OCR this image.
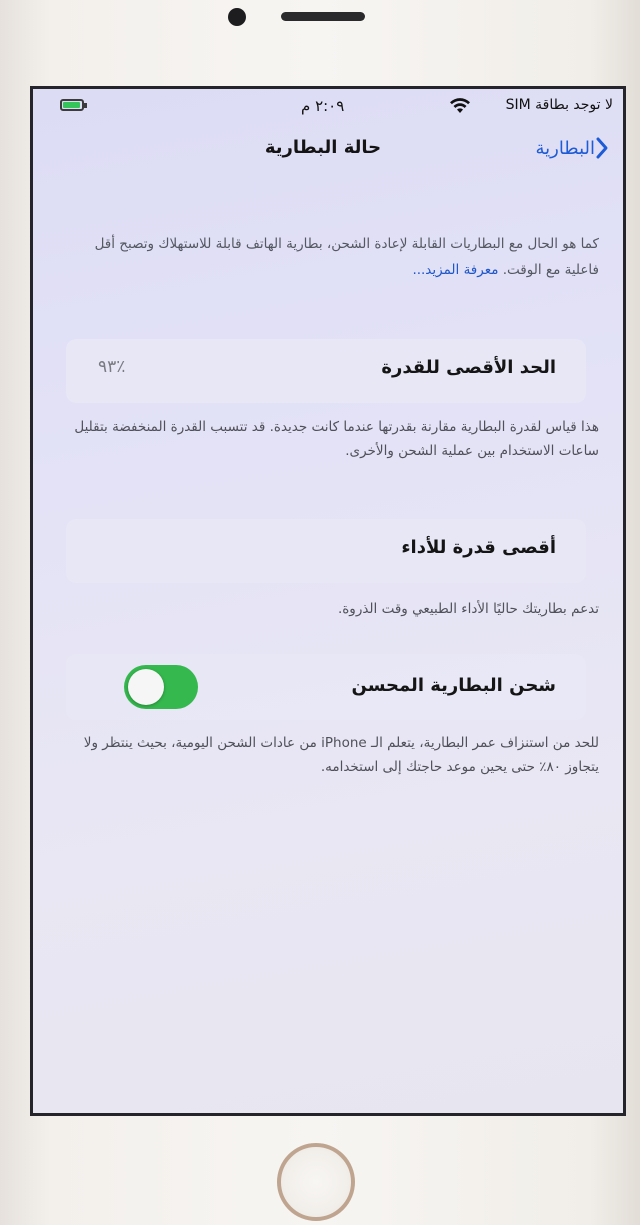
٢:٠٩ م	لا توجد بطاقة SIM
البطارية
حالة البطارية
كما هو الحال مع البطاريات القابلة لإعادة الشحن، بطارية الهاتف قابلة للاستهلاك وتصبح أقل فاعلية مع الوقت. معرفة المزيد...
الحد الأقصى للقدرة
٪٩٣
هذا قياس لقدرة البطارية مقارنة بقدرتها عندما كانت جديدة. قد تتسبب القدرة المنخفضة بتقليل ساعات الاستخدام بين عملية الشحن والأخرى.
أقصى قدرة للأداء
تدعم بطاريتك حاليًا الأداء الطبيعي وقت الذروة.
شحن البطارية المحسن
للحد من استنزاف عمر البطارية، يتعلم الـ iPhone من عادات الشحن اليومية، بحيث ينتظر ولا يتجاوز ٨٠٪ حتى يحين موعد حاجتك إلى استخدامه.
